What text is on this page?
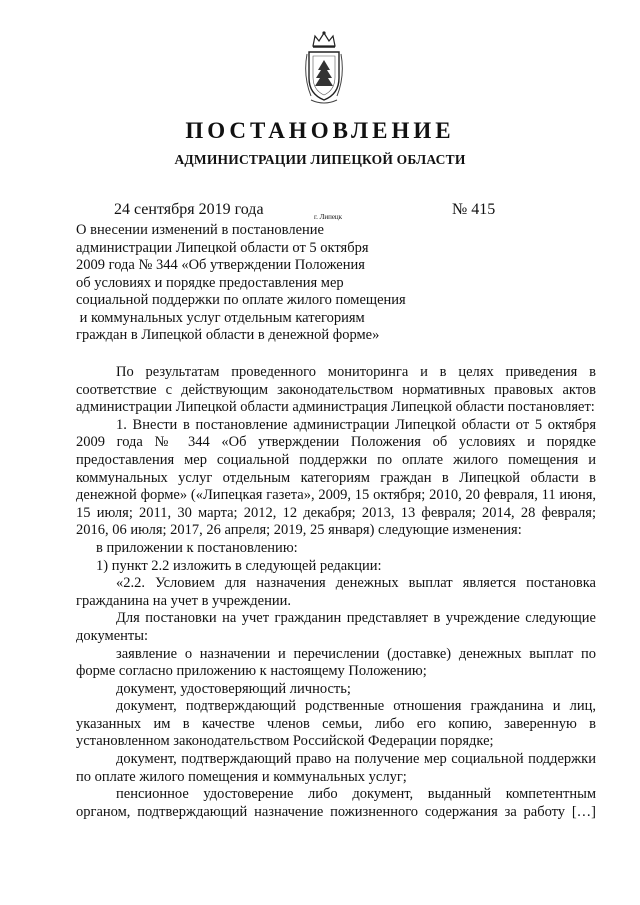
ПОСТАНОВЛЕНИЕ
АДМИНИСТРАЦИИ ЛИПЕЦКОЙ ОБЛАСТИ
24 сентября 2019 года	г. Липецк	№ 415
О внесении изменений в постановление
администрации Липецкой области от 5 октября
2009 года № 344 «Об утверждении Положения
об условиях и порядке предоставления мер
социальной поддержки по оплате жилого помещения
и коммунальных услуг отдельным категориям
граждан в Липецкой области в денежной форме»

По результатам проведенного мониторинга и в целях приведения в соответствие с действующим законодательством нормативных правовых актов администрации Липецкой области администрация Липецкой области постановляет:

1. Внести в постановление администрации Липецкой области от 5 октября 2009 года № 344 «Об утверждении Положения об условиях и порядке предоставления мер социальной поддержки по оплате жилого помещения и коммунальных услуг отдельным категориям граждан в Липецкой области в денежной форме» («Липецкая газета», 2009, 15 октября; 2010, 20 февраля, 11 июня, 15 июля; 2011, 30 марта; 2012, 12 декабря; 2013, 13 февраля; 2014, 28 февраля; 2016, 06 июля; 2017, 26 апреля; 2019, 25 января) следующие изменения:

в приложении к постановлению:

1) пункт 2.2 изложить в следующей редакции:

«2.2. Условием для назначения денежных выплат является постановка гражданина на учет в учреждении.

Для постановки на учет гражданин представляет в учреждение следующие документы:

заявление о назначении и перечислении (доставке) денежных выплат по форме согласно приложению к настоящему Положению;

документ, удостоверяющий личность;

документ, подтверждающий родственные отношения гражданина и лиц, указанных им в качестве членов семьи, либо его копию, заверенную в установленном законодательством Российской Федерации порядке;

документ, подтверждающий право на получение мер социальной поддержки по оплате жилого помещения и коммунальных услуг;

пенсионное удостоверение либо документ, выданный компетентным органом, подтверждающий назначение пожизненного содержания за работу […]
